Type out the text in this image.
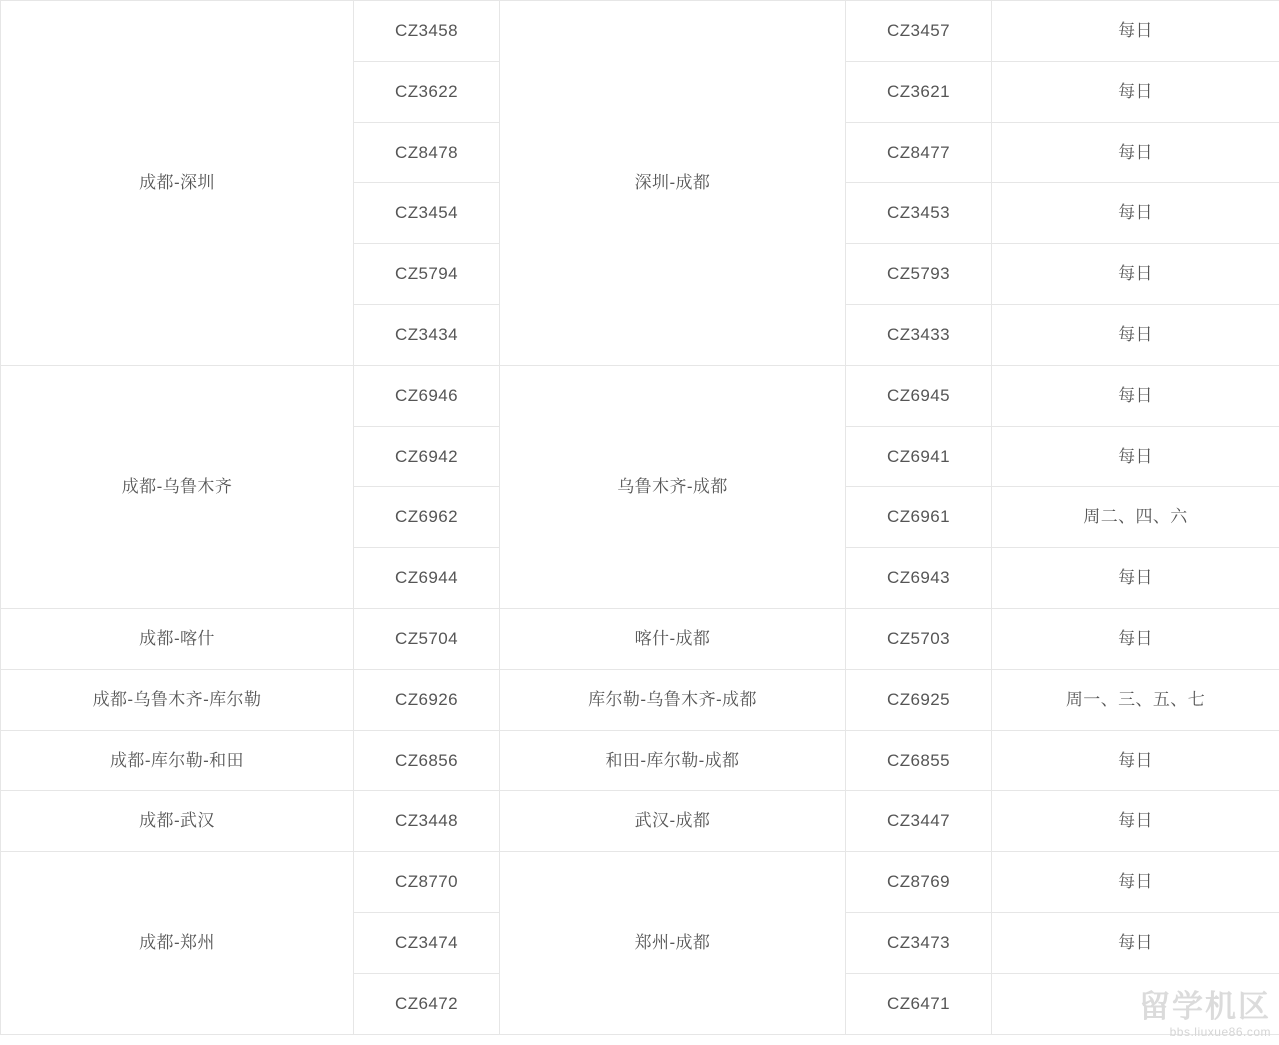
成都-深圳	CZ3458	深圳-成都	CZ3457	每日
	CZ3622		CZ3621	每日
	CZ8478		CZ8477	每日
	CZ3454		CZ3453	每日
	CZ5794		CZ5793	每日
	CZ3434		CZ3433	每日
成都-乌鲁木齐	CZ6946	乌鲁木齐-成都	CZ6945	每日
	CZ6942		CZ6941	每日
	CZ6962		CZ6961	周二、四、六
	CZ6944		CZ6943	每日
成都-喀什	CZ5704	喀什-成都	CZ5703	每日
成都-乌鲁木齐-库尔勒	CZ6926	库尔勒-乌鲁木齐-成都	CZ6925	周一、三、五、七
成都-库尔勒-和田	CZ6856	和田-库尔勒-成都	CZ6855	每日
成都-武汉	CZ3448	武汉-成都	CZ3447	每日
成都-郑州	CZ8770	郑州-成都	CZ8769	每日
	CZ3474		CZ3473	每日
	CZ6472		CZ6471		留学机区
bbs.liuxue86.com
